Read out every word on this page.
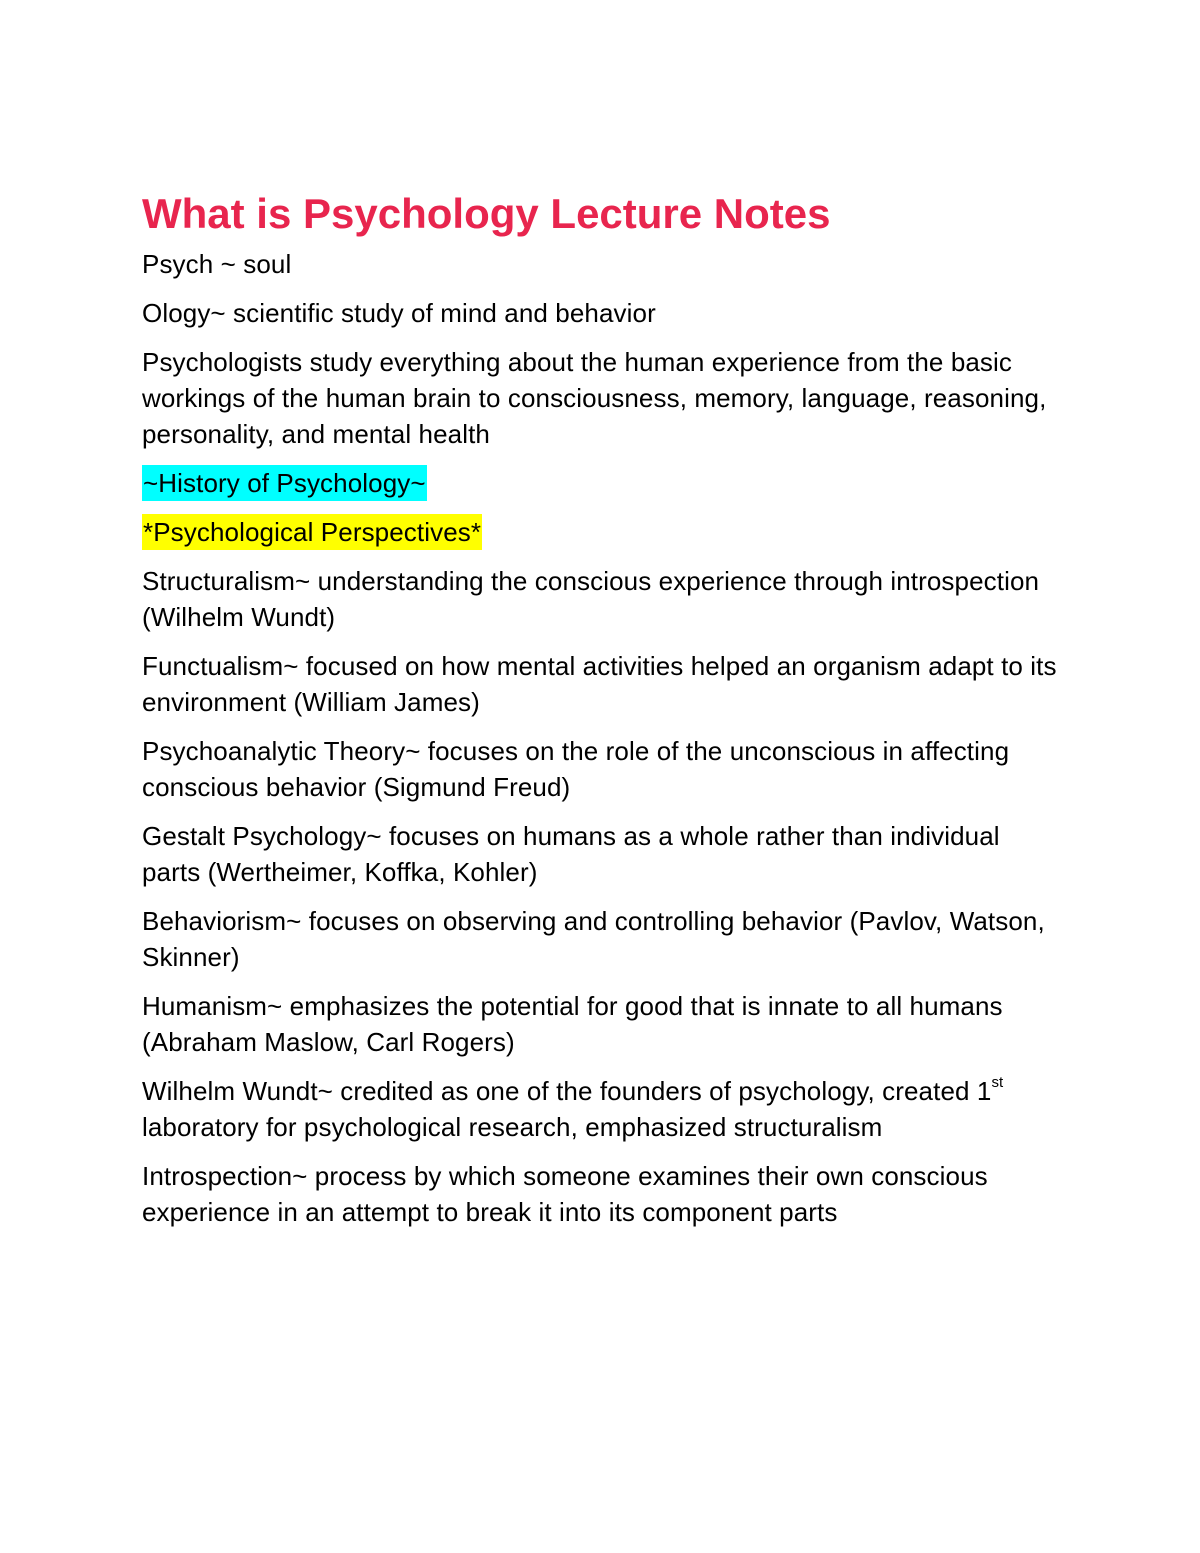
What is Psychology Lecture Notes

Psych ~ soul

Ology~ scientific study of mind and behavior

Psychologists study everything about the human experience from the basic workings of the human brain to consciousness, memory, language, reasoning, personality, and mental health

~History of Psychology~

*Psychological Perspectives*

Structuralism~ understanding the conscious experience through introspection (Wilhelm Wundt)

Functualism~ focused on how mental activities helped an organism adapt to its environment (William James)

Psychoanalytic Theory~ focuses on the role of the unconscious in affecting conscious behavior (Sigmund Freud)

Gestalt Psychology~ focuses on humans as a whole rather than individual parts (Wertheimer, Koffka, Kohler)

Behaviorism~ focuses on observing and controlling behavior (Pavlov, Watson, Skinner)

Humanism~ emphasizes the potential for good that is innate to all humans (Abraham Maslow, Carl Rogers)

Wilhelm Wundt~ credited as one of the founders of psychology, created 1st laboratory for psychological research, emphasized structuralism

Introspection~ process by which someone examines their own conscious experience in an attempt to break it into its component parts
